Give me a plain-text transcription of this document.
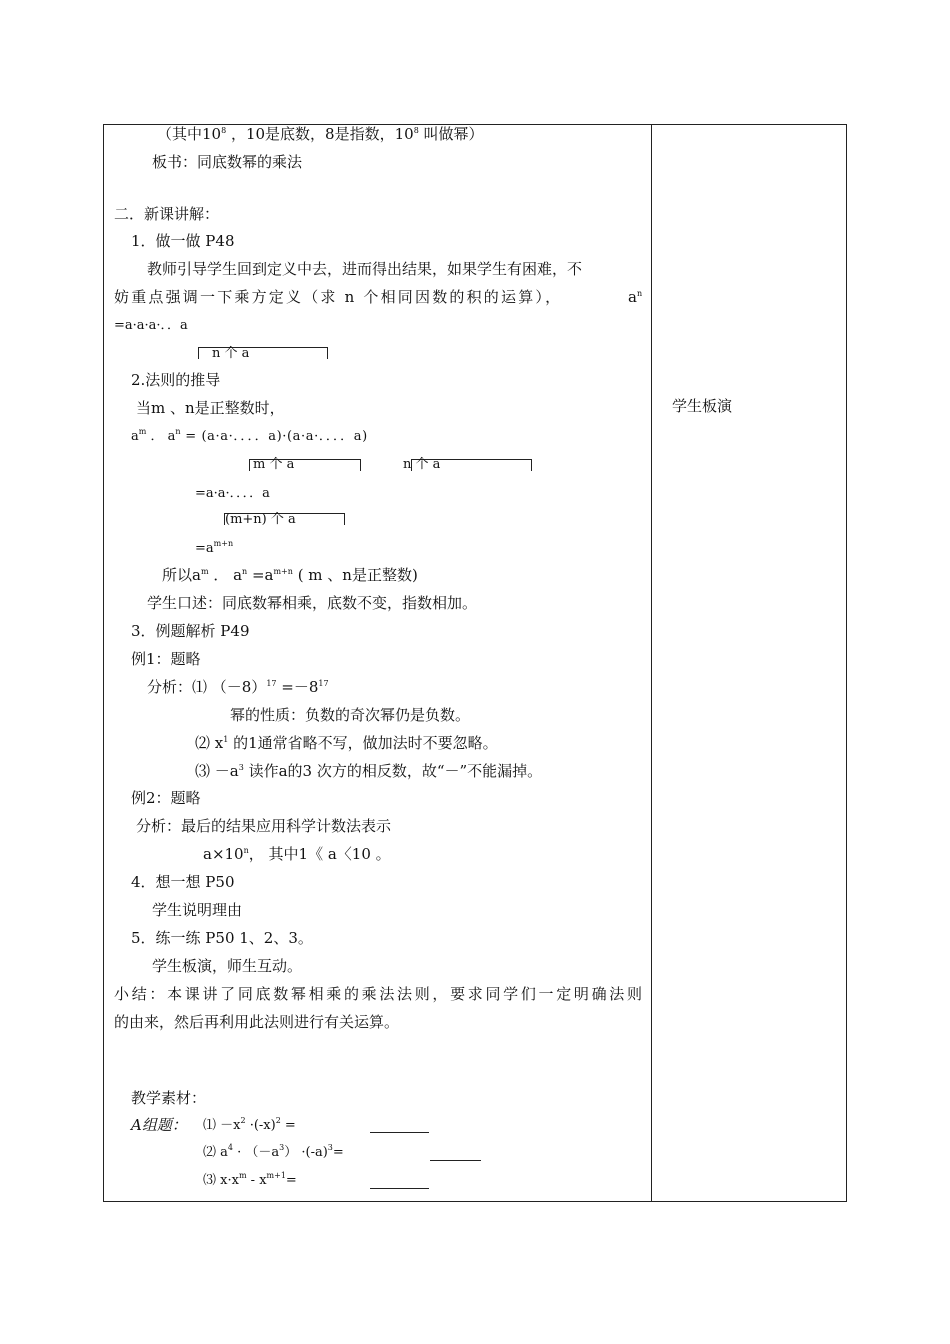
学生板演
（其中$10^8$ ，10是底数，8是指数，$10^8$ 叫做幂）
板书：同底数幂的乘法
二．新课讲解：
1．做一做 P48
教师引导学生回到定义中去，进而得出结果，如果学生有困难，不
妨重点强调一下乘方定义（求 n 个相同因数的积的运算），	$a^n$
=a·a·a·．．a
n 个 a
2.法则的推导
当m 、n是正整数时，
$a^m$ ． $a^n = (a\cdot a\cdot$．．．．a)·(a·a·．．．．a)
m 个 a	n 个 a
=a·a·．．．．a
(m+n) 个 a
$=a^{m+n}$
所以$a^m$ ． $a^n =a^{m+n}$ ( m 、n是正整数)
学生口述：同底数幂相乘，底数不变，指数相加。
3．例题解析 P49
例1：题略
分析：⑴ $(-8)^{17} =-8^{17}$
幂的性质：负数的奇次幂仍是负数。
⑵ $x^1$ 的1通常省略不写，做加法时不要忽略。
⑶ $-a^3$ 读作a的3 次方的相反数，故“－”不能漏掉。
例2：题略
分析：最后的结果应用科学计数法表示
$a\times 10^n$， 其中1《 a〈10 。
4．想一想 P50
学生说明理由
5．练一练 P50 1、2、3。
学生板演，师生互动。
小结：本课讲了同底数幂相乘的乘法法则，要求同学们一定明确法则
的由来，然后再利用此法则进行有关运算。
教学素材：
A组题： ⑴ $-x^2 \cdot(-x)^2$ =
⑵ $a^4 \cdot (-a^3) \cdot(-a)^3=$
⑶ $x\cdot x^m - x^{m+1}=$
